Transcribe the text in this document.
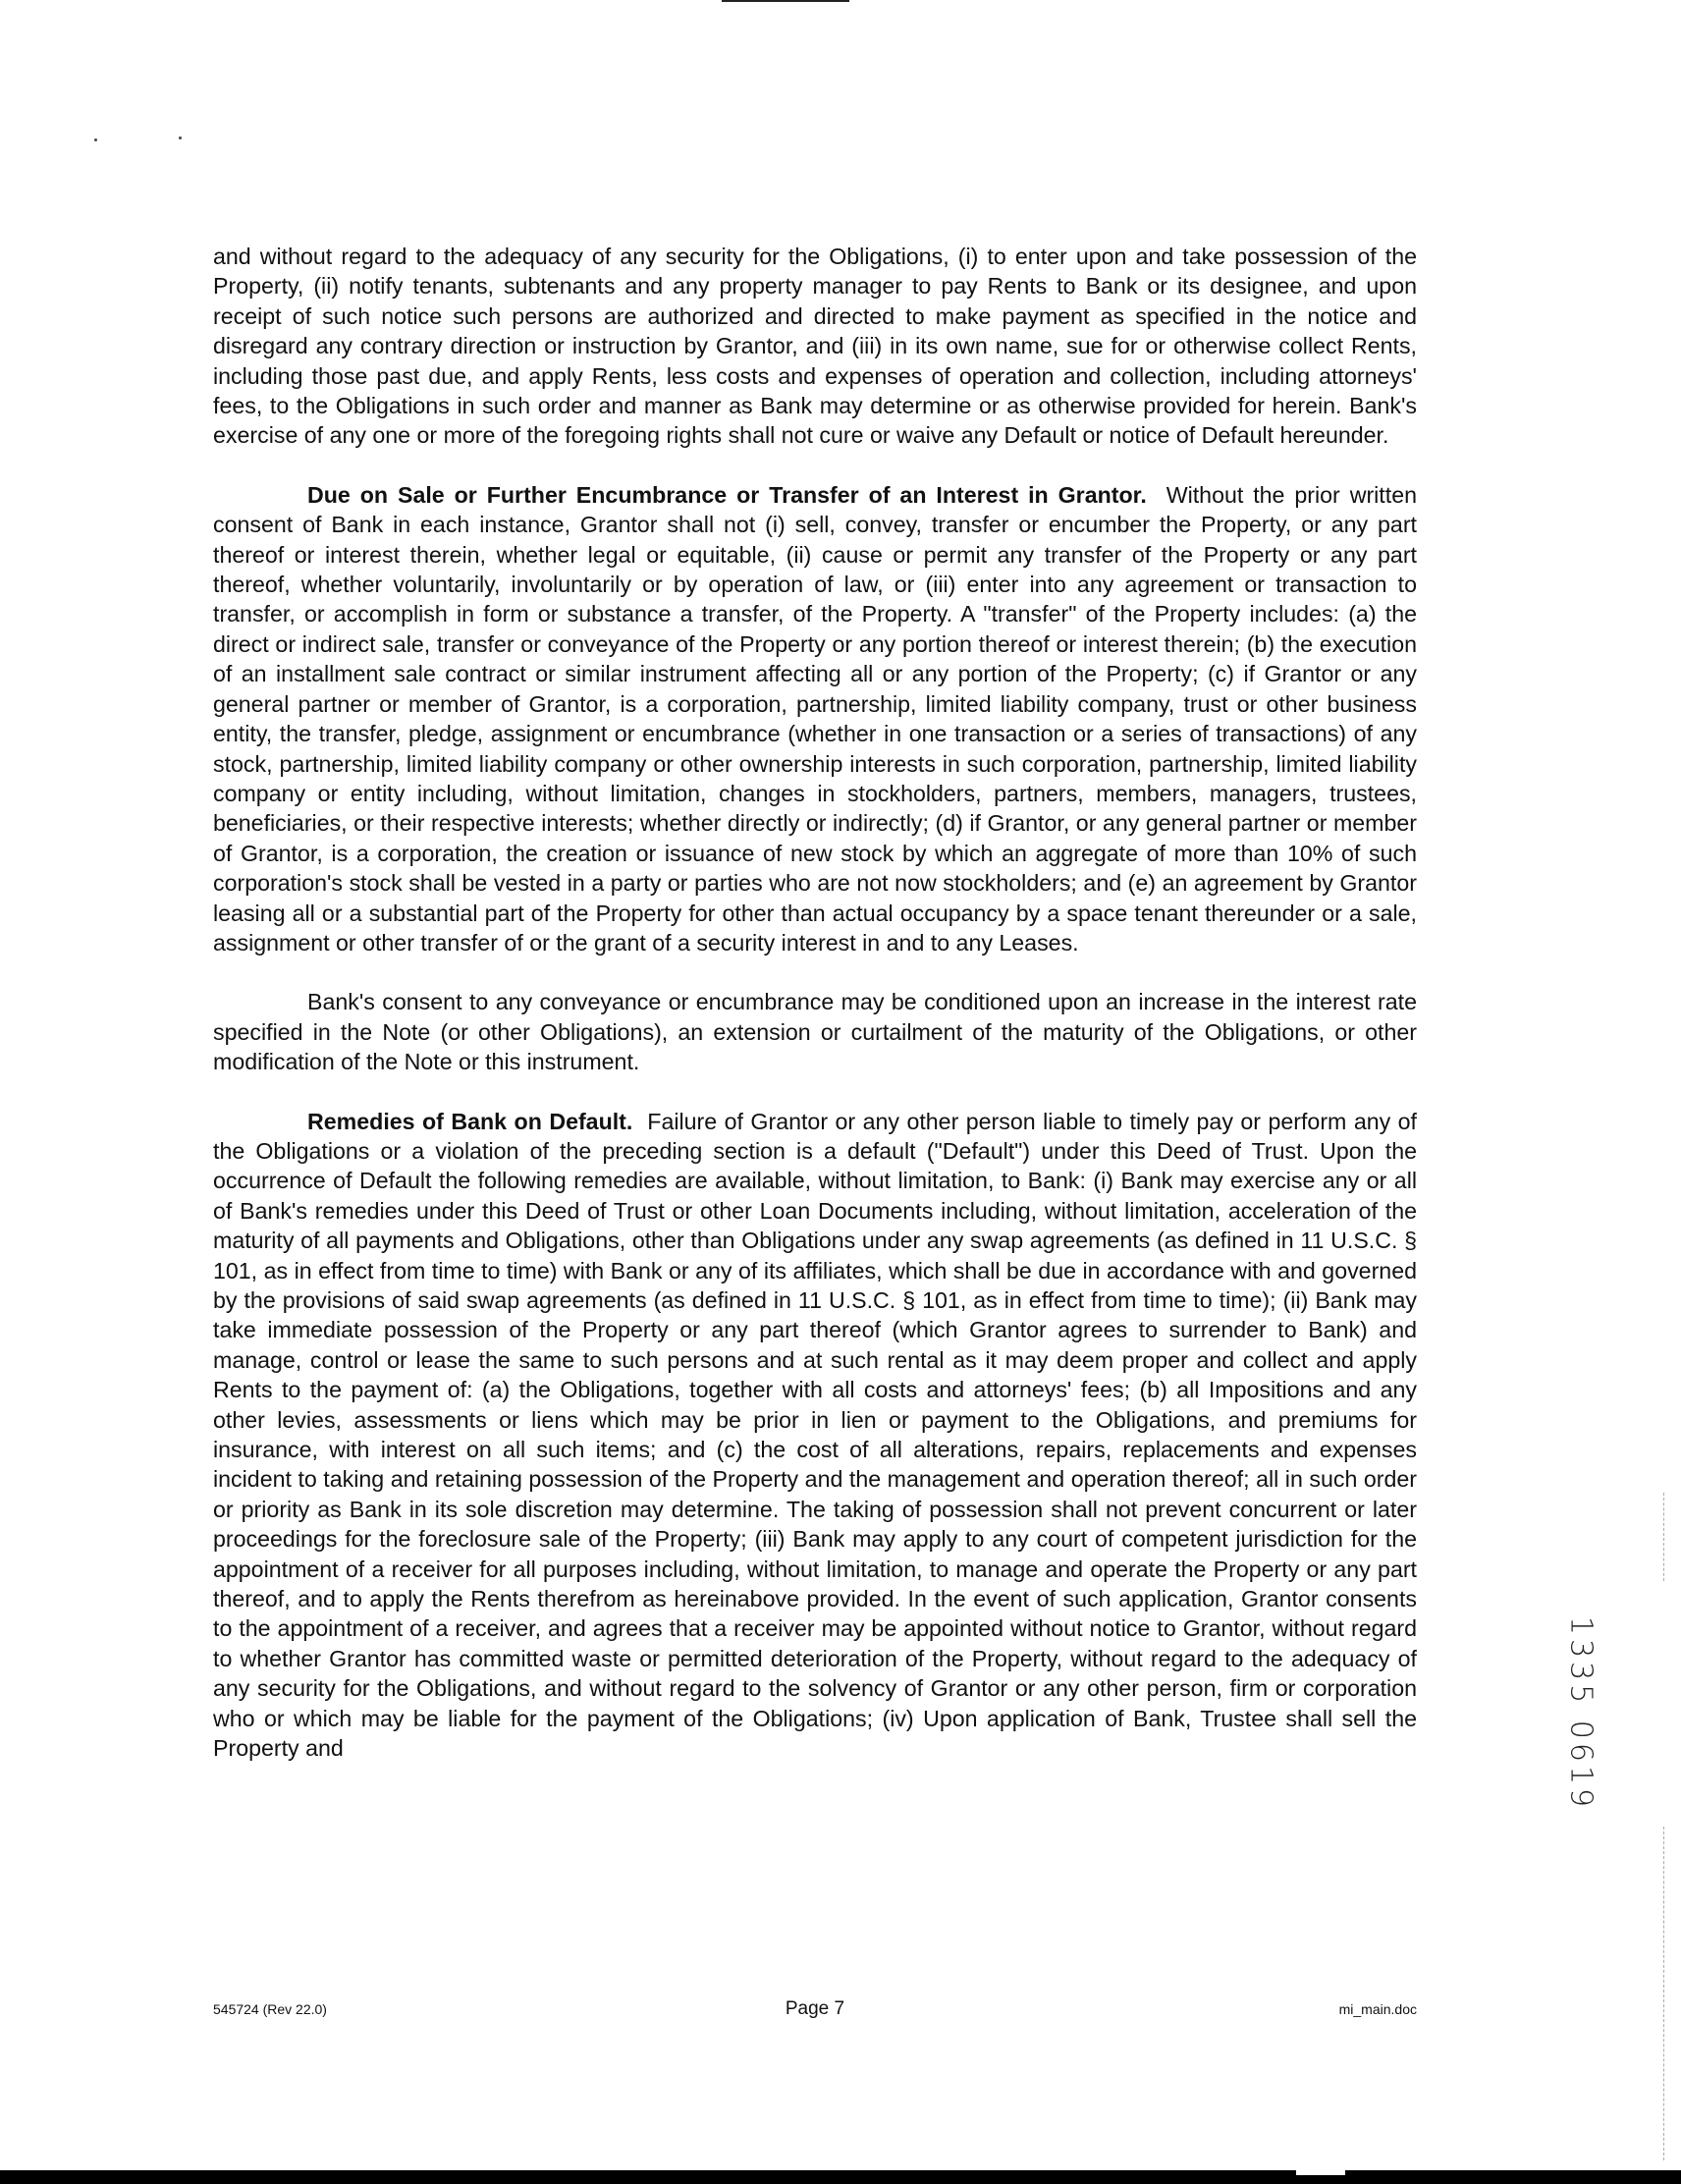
and without regard to the adequacy of any security for the Obligations, (i) to enter upon and take possession of the Property, (ii) notify tenants, subtenants and any property manager to pay Rents to Bank or its designee, and upon receipt of such notice such persons are authorized and directed to make payment as specified in the notice and disregard any contrary direction or instruction by Grantor, and (iii) in its own name, sue for or otherwise collect Rents, including those past due, and apply Rents, less costs and expenses of operation and collection, including attorneys' fees, to the Obligations in such order and manner as Bank may determine or as otherwise provided for herein. Bank's exercise of any one or more of the foregoing rights shall not cure or waive any Default or notice of Default hereunder.

Due on Sale or Further Encumbrance or Transfer of an Interest in Grantor. Without the prior written consent of Bank in each instance, Grantor shall not (i) sell, convey, transfer or encumber the Property, or any part thereof or interest therein, whether legal or equitable, (ii) cause or permit any transfer of the Property or any part thereof, whether voluntarily, involuntarily or by operation of law, or (iii) enter into any agreement or transaction to transfer, or accomplish in form or substance a transfer, of the Property. A "transfer" of the Property includes: (a) the direct or indirect sale, transfer or conveyance of the Property or any portion thereof or interest therein; (b) the execution of an installment sale contract or similar instrument affecting all or any portion of the Property; (c) if Grantor or any general partner or member of Grantor, is a corporation, partnership, limited liability company, trust or other business entity, the transfer, pledge, assignment or encumbrance (whether in one transaction or a series of transactions) of any stock, partnership, limited liability company or other ownership interests in such corporation, partnership, limited liability company or entity including, without limitation, changes in stockholders, partners, members, managers, trustees, beneficiaries, or their respective interests; whether directly or indirectly; (d) if Grantor, or any general partner or member of Grantor, is a corporation, the creation or issuance of new stock by which an aggregate of more than 10% of such corporation's stock shall be vested in a party or parties who are not now stockholders; and (e) an agreement by Grantor leasing all or a substantial part of the Property for other than actual occupancy by a space tenant thereunder or a sale, assignment or other transfer of or the grant of a security interest in and to any Leases.

Bank's consent to any conveyance or encumbrance may be conditioned upon an increase in the interest rate specified in the Note (or other Obligations), an extension or curtailment of the maturity of the Obligations, or other modification of the Note or this instrument.

Remedies of Bank on Default. Failure of Grantor or any other person liable to timely pay or perform any of the Obligations or a violation of the preceding section is a default ("Default") under this Deed of Trust. Upon the occurrence of Default the following remedies are available, without limitation, to Bank: (i) Bank may exercise any or all of Bank's remedies under this Deed of Trust or other Loan Documents including, without limitation, acceleration of the maturity of all payments and Obligations, other than Obligations under any swap agreements (as defined in 11 U.S.C. § 101, as in effect from time to time) with Bank or any of its affiliates, which shall be due in accordance with and governed by the provisions of said swap agreements (as defined in 11 U.S.C. § 101, as in effect from time to time); (ii) Bank may take immediate possession of the Property or any part thereof (which Grantor agrees to surrender to Bank) and manage, control or lease the same to such persons and at such rental as it may deem proper and collect and apply Rents to the payment of: (a) the Obligations, together with all costs and attorneys' fees; (b) all Impositions and any other levies, assessments or liens which may be prior in lien or payment to the Obligations, and premiums for insurance, with interest on all such items; and (c) the cost of all alterations, repairs, replacements and expenses incident to taking and retaining possession of the Property and the management and operation thereof; all in such order or priority as Bank in its sole discretion may determine. The taking of possession shall not prevent concurrent or later proceedings for the foreclosure sale of the Property; (iii) Bank may apply to any court of competent jurisdiction for the appointment of a receiver for all purposes including, without limitation, to manage and operate the Property or any part thereof, and to apply the Rents therefrom as hereinabove provided. In the event of such application, Grantor consents to the appointment of a receiver, and agrees that a receiver may be appointed without notice to Grantor, without regard to whether Grantor has committed waste or permitted deterioration of the Property, without regard to the adequacy of any security for the Obligations, and without regard to the solvency of Grantor or any other person, firm or corporation who or which may be liable for the payment of the Obligations; (iv) Upon application of Bank, Trustee shall sell the Property and

545724 (Rev 22.0)	Page 7	mi_main.doc
1335 0619
